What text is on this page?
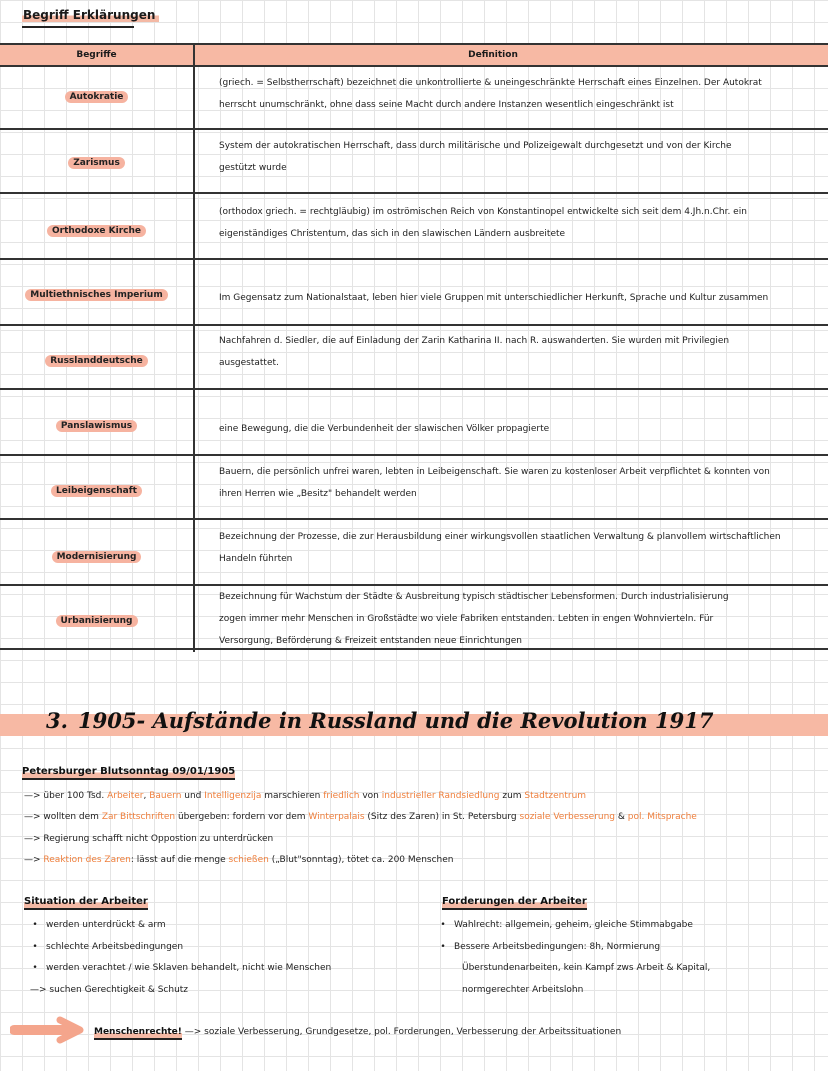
Begriff Erklärungen
Begriffe	Definition
Autokratie
(griech. = Selbstherrschaft) bezeichnet die unkontrollierte & uneingeschränkte Herrschaft eines Einzelnen. Der Autokrat
herrscht unumschränkt, ohne dass seine Macht durch andere Instanzen wesentlich eingeschränkt ist
Zarismus
System der autokratischen Herrschaft, dass durch militärische und Polizeigewalt durchgesetzt und von der Kirche
gestützt wurde
Orthodoxe Kirche
(orthodox griech. = rechtgläubig) im oströmischen Reich von Konstantinopel entwickelte sich seit dem 4.Jh.n.Chr. ein
eigenständiges Christentum, das sich in den slawischen Ländern ausbreitete
Multiethnisches Imperium	Im Gegensatz zum Nationalstaat, leben hier viele Gruppen mit unterschiedlicher Herkunft, Sprache und Kultur zusammen
Russlanddeutsche
Nachfahren d. Siedler, die auf Einladung der Zarin Katharina II. nach R. auswanderten. Sie wurden mit Privilegien
ausgestattet.
Panslawismus	eine Bewegung, die die Verbundenheit der slawischen Völker propagierte
Leibeigenschaft
Bauern, die persönlich unfrei waren, lebten in Leibeigenschaft. Sie waren zu kostenloser Arbeit verpflichtet & konnten von
ihren Herren wie „Besitz" behandelt werden
Modernisierung
Bezeichnung der Prozesse, die zur Herausbildung einer wirkungsvollen staatlichen Verwaltung & planvollem wirtschaftlichen
Handeln führten
Urbanisierung
Bezeichnung für Wachstum der Städte & Ausbreitung typisch städtischer Lebensformen. Durch industrialisierung
zogen immer mehr Menschen in Großstädte wo viele Fabriken entstanden. Lebten in engen Wohnvierteln. Für
Versorgung, Beförderung & Freizeit entstanden neue Einrichtungen
3. 1905- Aufstände in Russland und die Revolution 1917
Petersburger Blutsonntag 09/01/1905
—> über 100 Tsd. Arbeiter, Bauern und Intelligenzija marschieren friedlich von industrieller Randsiedlung zum Stadtzentrum
—> wollten dem Zar Bittschriften übergeben: fordern vor dem Winterpalais (Sitz des Zaren) in St. Petersburg soziale Verbesserung & pol. Mitsprache
—> Regierung schafft nicht Oppostion zu unterdrücken
—> Reaktion des Zaren: lässt auf die menge schießen („Blut"sonntag), tötet ca. 200 Menschen
Situation der Arbeiter
• werden unterdrückt & arm
• schlechte Arbeitsbedingungen
• werden verachtet / wie Sklaven behandelt, nicht wie Menschen
—> suchen Gerechtigkeit & Schutz
Forderungen der Arbeiter
• Wahlrecht: allgemein, geheim, gleiche Stimmabgabe
• Bessere Arbeitsbedingungen: 8h, Normierung
Überstundenarbeiten, kein Kampf zws Arbeit & Kapital,
normgerechter Arbeitslohn
Menschenrechte! —> soziale Verbesserung, Grundgesetze, pol. Forderungen, Verbesserung der Arbeitssituationen
